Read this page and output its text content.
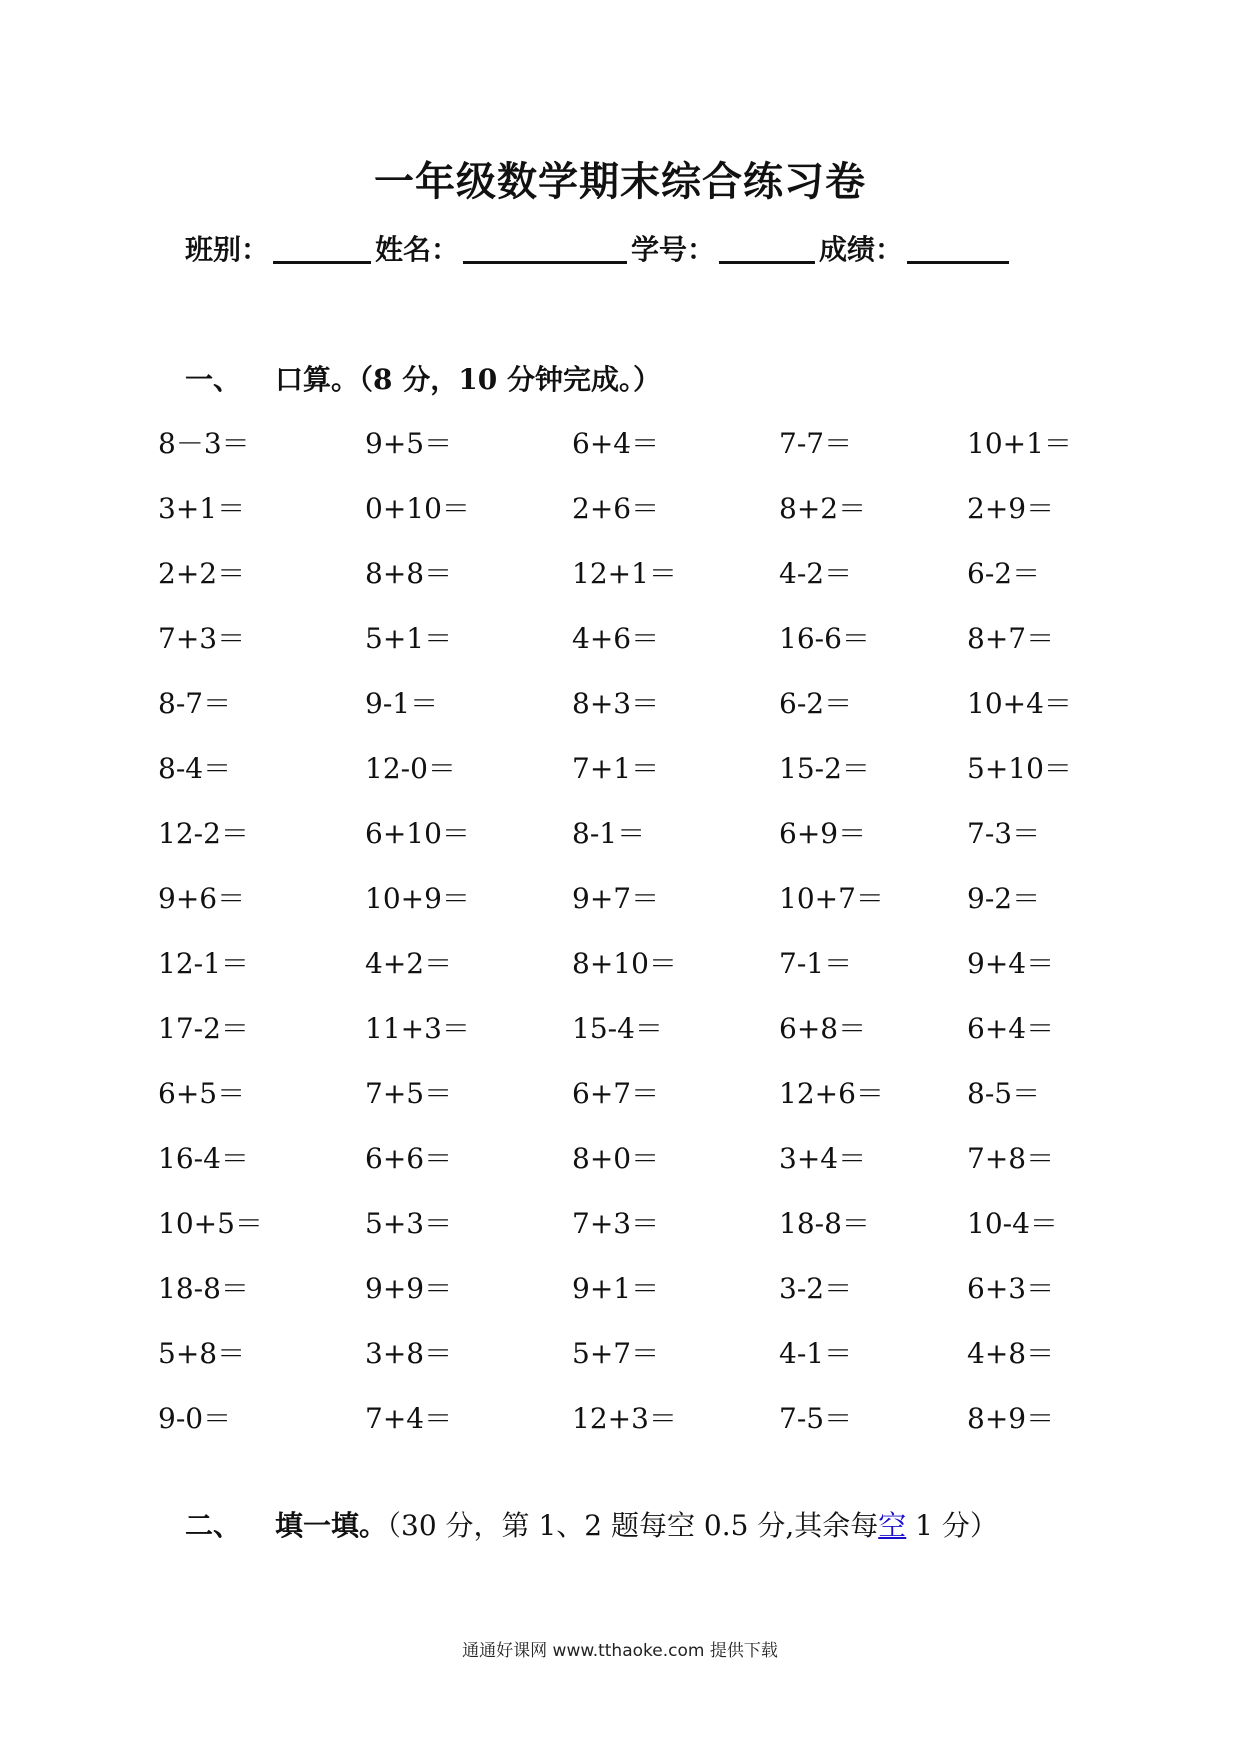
一年级数学期末综合练习卷
班别：	姓名：	学号：	成绩：
一、 口算。（8 分，10 分钟完成。）
8－3＝	9+5＝	6+4＝	7-7＝	10+1＝
3+1＝	0+10＝	2+6＝	8+2＝	2+9＝
2+2＝	8+8＝	12+1＝	4-2＝	6-2＝
7+3＝	5+1＝	4+6＝	16-6＝	8+7＝
8-7＝	9-1＝	8+3＝	6-2＝	10+4＝
8-4＝	12-0＝	7+1＝	15-2＝	5+10＝
12-2＝	6+10＝	8-1＝	6+9＝	7-3＝
9+6＝	10+9＝	9+7＝	10+7＝	9-2＝
12-1＝	4+2＝	8+10＝	7-1＝	9+4＝
17-2＝	11+3＝	15-4＝	6+8＝	6+4＝
6+5＝	7+5＝	6+7＝	12+6＝	8-5＝
16-4＝	6+6＝	8+0＝	3+4＝	7+8＝
10+5＝	5+3＝	7+3＝	18-8＝	10-4＝
18-8＝	9+9＝	9+1＝	3-2＝	6+3＝
5+8＝	3+8＝	5+7＝	4-1＝	4+8＝
9-0＝	7+4＝	12+3＝	7-5＝	8+9＝
二、 填一填。（30 分，第 1、2 题每空 0.5 分,其余每空 1 分）
通通好课网 www.tthaoke.com 提供下载
